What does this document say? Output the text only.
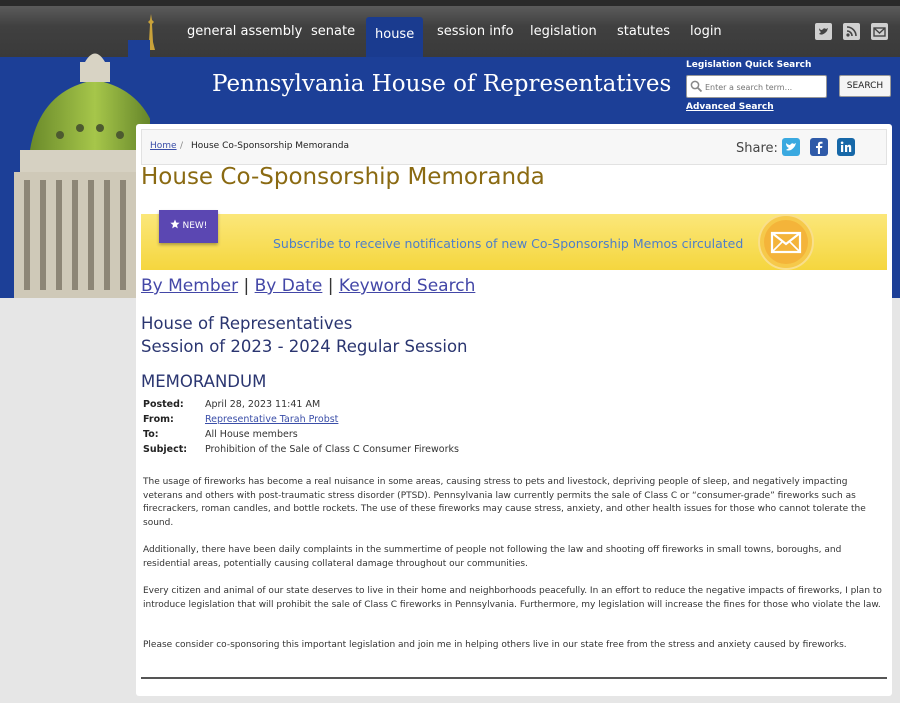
general assembly senate	house	session info	legislation	statutes	login
Pennsylvania House of Representatives
Legislation Quick Search
Enter a search term...
SEARCH
Advanced Search
Home / House Co-Sponsorship Memoranda	Share:
House Co-Sponsorship Memoranda
NEW!
Subscribe to receive notifications of new Co-Sponsorship Memos circulated
By Member | By Date | Keyword Search
House of Representatives
Session of 2023 - 2024 Regular Session
MEMORANDUM
Posted:	April 28, 2023 11:41 AM
From:	Representative Tarah Probst
To:	All House members
Subject:	Prohibition of the Sale of Class C Consumer Fireworks

The usage of fireworks has become a real nuisance in some areas, causing stress to pets and livestock, depriving people of sleep, and negatively impacting veterans and others with post-traumatic stress disorder (PTSD). Pennsylvania law currently permits the sale of Class C or “consumer-grade” fireworks such as firecrackers, roman candles, and bottle rockets. The use of these fireworks may cause stress, anxiety, and other health issues for those who cannot tolerate the sound.

Additionally, there have been daily complaints in the summertime of people not following the law and shooting off fireworks in small towns, boroughs, and residential areas, potentially causing collateral damage throughout our communities.

Every citizen and animal of our state deserves to live in their home and neighborhoods peacefully. In an effort to reduce the negative impacts of fireworks, I plan to introduce legislation that will prohibit the sale of Class C fireworks in Pennsylvania. Furthermore, my legislation will increase the fines for those who violate the law.

Please consider co-sponsoring this important legislation and join me in helping others live in our state free from the stress and anxiety caused by fireworks.
